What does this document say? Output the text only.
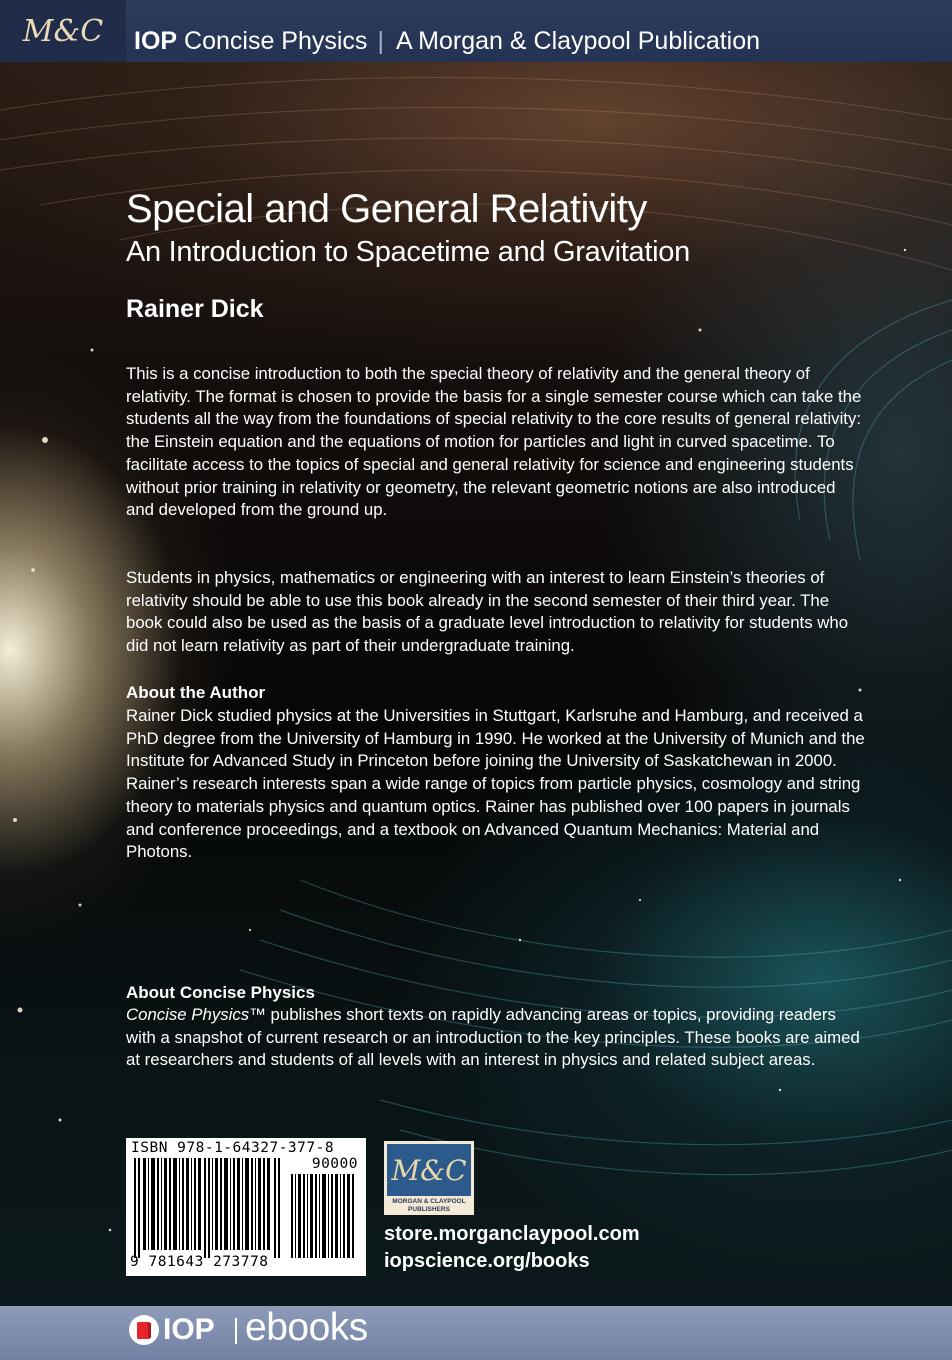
M&C IOP Concise Physics | A Morgan & Claypool Publication
Special and General Relativity
An Introduction to Spacetime and Gravitation
Rainer Dick

This is a concise introduction to both the special theory of relativity and the general theory of relativity. The format is chosen to provide the basis for a single semester course which can take the students all the way from the foundations of special relativity to the core results of general relativity: the Einstein equation and the equations of motion for particles and light in curved spacetime. To facilitate access to the topics of special and general relativity for science and engineering students without prior training in relativity or geometry, the relevant geometric notions are also introduced and developed from the ground up.

Students in physics, mathematics or engineering with an interest to learn Einstein’s theories of relativity should be able to use this book already in the second semester of their third year. The book could also be used as the basis of a graduate level introduction to relativity for students who did not learn relativity as part of their undergraduate training.

About the Author

Rainer Dick studied physics at the Universities in Stuttgart, Karlsruhe and Hamburg, and received a PhD degree from the University of Hamburg in 1990. He worked at the University of Munich and the Institute for Advanced Study in Princeton before joining the University of Saskatchewan in 2000. Rainer’s research interests span a wide range of topics from particle physics, cosmology and string theory to materials physics and quantum optics. Rainer has published over 100 papers in journals and conference proceedings, and a textbook on Advanced Quantum Mechanics: Material and Photons.

About Concise Physics

Concise Physics™ publishes short texts on rapidly advancing areas or topics, providing readers with a snapshot of current research or an introduction to the key principles. These books are aimed at researchers and students of all levels with an interest in physics and related subject areas.

ISBN 978-1-64327-377-8
90000
9 781643 273778
M&C
MORGAN & CLAYPOOL
PUBLISHERS
store.morganclaypool.com
iopscience.org/books
IOP ebooks
